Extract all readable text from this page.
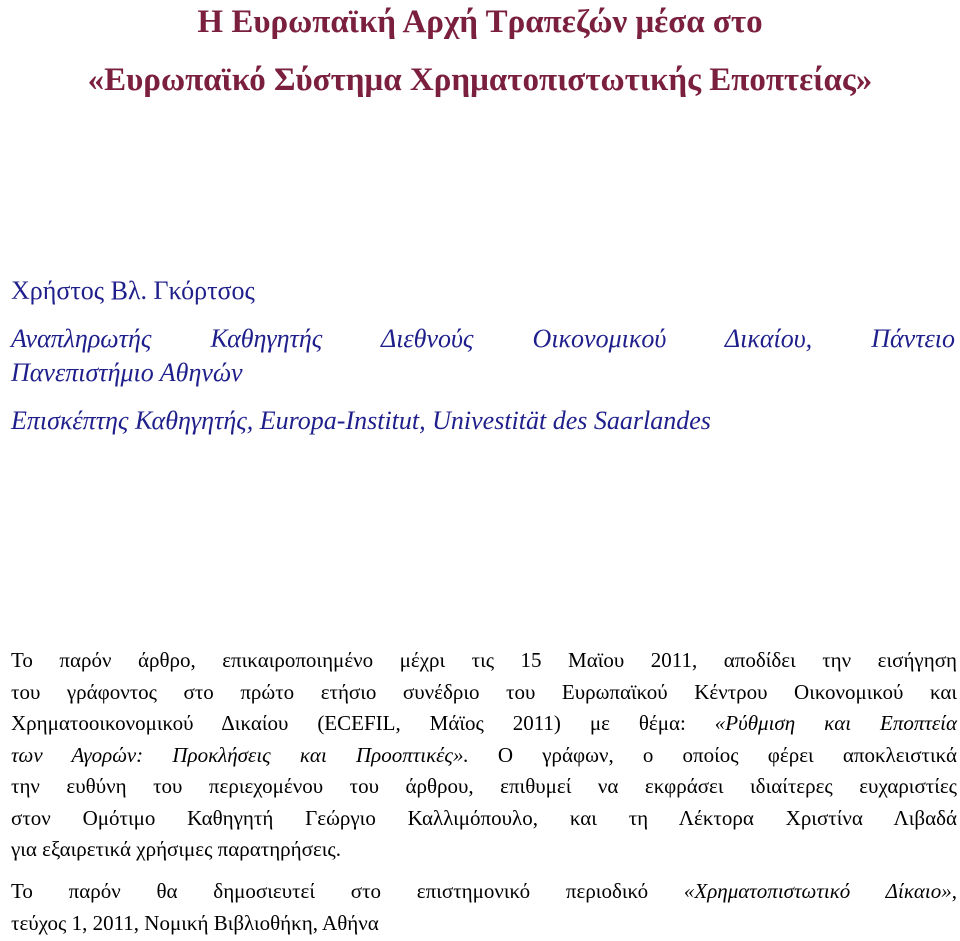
Η Ευρωπαϊκή Αρχή Τραπεζών μέσα στο
«Ευρωπαϊκό Σύστημα Χρηματοπιστωτικής Εποπτείας»
Χρήστος Βλ. Γκόρτσος
Αναπληρωτής Καθηγητής Διεθνούς Οικονομικού Δικαίου, Πάντειο
Πανεπιστήμιο Αθηνών
Επισκέπτης Καθηγητής, Europa-Institut, Univestität des Saarlandes
Το παρόν άρθρο, επικαιροποιημένο μέχρι τις 15 Μαϊου 2011, αποδίδει την εισήγηση
του γράφοντος στο πρώτο ετήσιο συνέδριο του Ευρωπαϊκού Κέντρου Οικονομικού και
Χρηματοοικονομικού Δικαίου (ECEFIL, Μάϊος 2011) με θέμα: «Ρύθμιση και Εποπτεία
των Αγορών: Προκλήσεις και Προοπτικές». Ο γράφων, ο οποίος φέρει αποκλειστικά
την ευθύνη του περιεχομένου του άρθρου, επιθυμεί να εκφράσει ιδιαίτερες ευχαριστίες
στον Ομότιμο Καθηγητή Γεώργιο Καλλιμόπουλο, και τη Λέκτορα Χριστίνα Λιβαδά
για εξαιρετικά χρήσιμες παρατηρήσεις.
Το παρόν θα δημοσιευτεί στο επιστημονικό περιοδικό «Χρηματοπιστωτικό Δίκαιο»,
τεύχος 1, 2011, Νομική Βιβλιοθήκη, Αθήνα
